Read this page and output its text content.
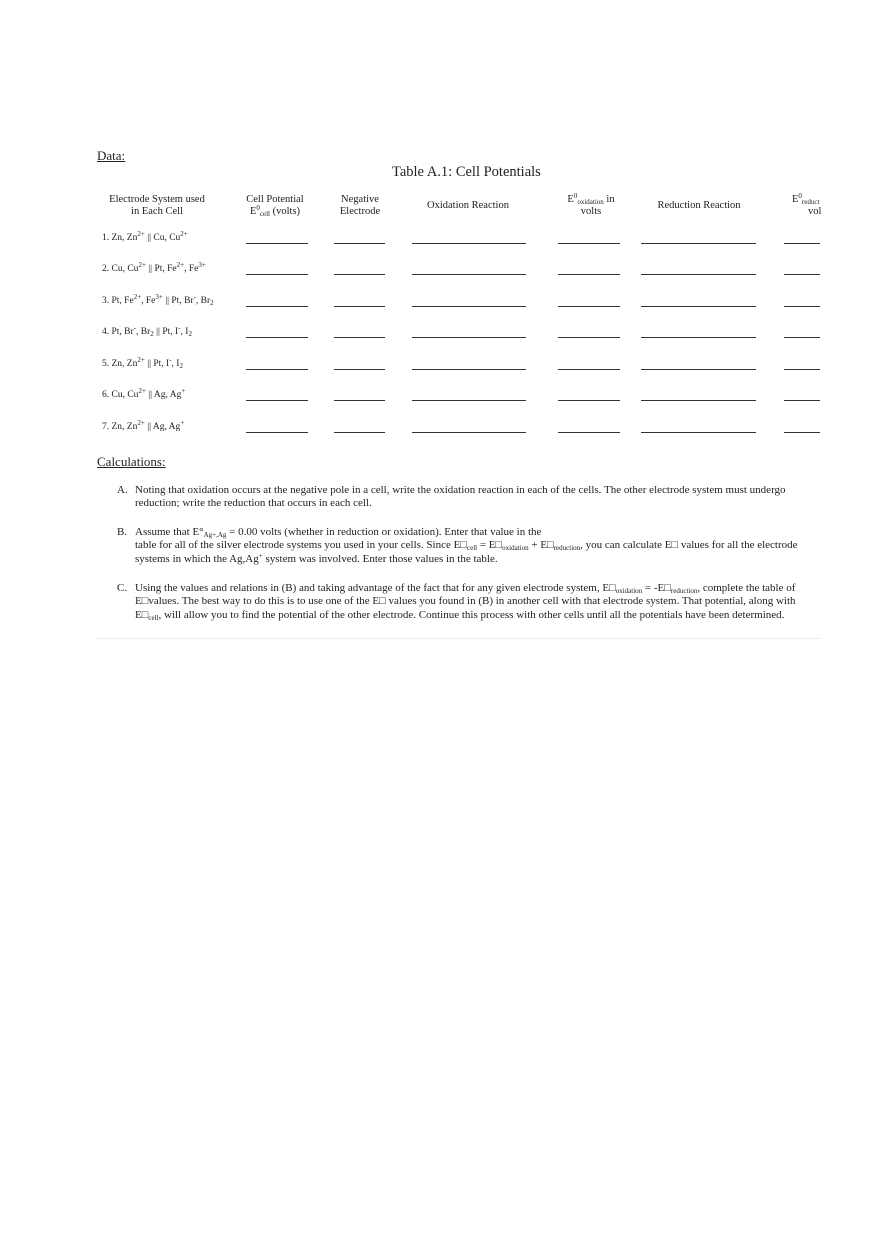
Data:
Table A.1: Cell Potentials
Electrode System used
in Each Cell
Cell Potential
$E^0_{cell}$ (volts)
Negative
Electrode
Oxidation Reaction
$E^0_{oxidation}$ in
volts
Reduction Reaction
$E^0_{reduct}$
vol
1. Zn, $Zn^{2+}$ || Cu, $Cu^{2+}$
2. Cu, $Cu^{2+}$ || Pt, $Fe^{2+}$, $Fe^{3+}$
3. Pt, $Fe^{2+}$, $Fe^{3+}$ || Pt, Br-, $Br_2$
4. Pt, Br-, $Br_2$ || Pt, I-, $I_2$
5. Zn, $Zn^{2+}$ || Pt, I-, $I_2$
6. Cu, $Cu^{2+}$ || Ag, Ag+
7. Zn, $Zn^{2+}$ || Ag, Ag+
Calculations:
A. Noting that oxidation occurs at the negative pole in a cell, write the oxidation reaction in each of the cells. The other electrode system must undergo reduction; write the reduction that occurs in each cell.
B. Assume that $E^\circ_{Ag+,Ag} = 0.00$ volts (whether in reduction or oxidation). Enter that value in the
table for all of the silver electrode systems you used in your cells. Since $E□_{cell}$ = $E□_{oxidation}$ + $E□_{reduction}$, you can calculate E□ values for all the electrode systems in which the Ag,Ag+ system was involved. Enter those values in the table.
C. Using the values and relations in (B) and taking advantage of the fact that for any given electrode system, $E□_{oxidation}$ = $-E□_{reduction}$, complete the table of E□values. The best way to do this is to use one of the E□ values you found in (B) in another cell with that electrode system. That potential, along with $E□_{cell}$, will allow you to find the potential of the other electrode. Continue this process with other cells until all the potentials have been determined.
